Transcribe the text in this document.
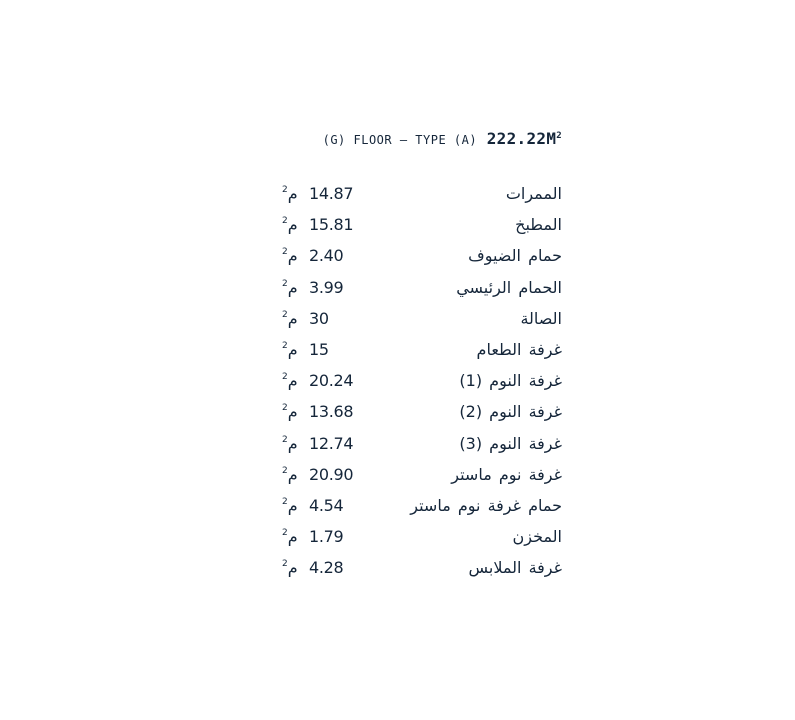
(G) FLOOR – TYPE (A) $222.22M^2$
الممرات
14.87
$^2$م
المطبخ
15.81
$^2$م
حمام الضيوف
2.40
$^2$م
الحمام الرئيسي
3.99
$^2$م
الصالة
30
$^2$م
غرفة الطعام
15
$^2$م
غرفة النوم (1)
20.24
$^2$م
غرفة النوم (2)
13.68
$^2$م
غرفة النوم (3)
12.74
$^2$م
غرفة نوم ماستر
20.90
$^2$م
حمام غرفة نوم ماستر
4.54
$^2$م
المخزن
1.79
$^2$م
غرفة الملابس
4.28
$^2$م
